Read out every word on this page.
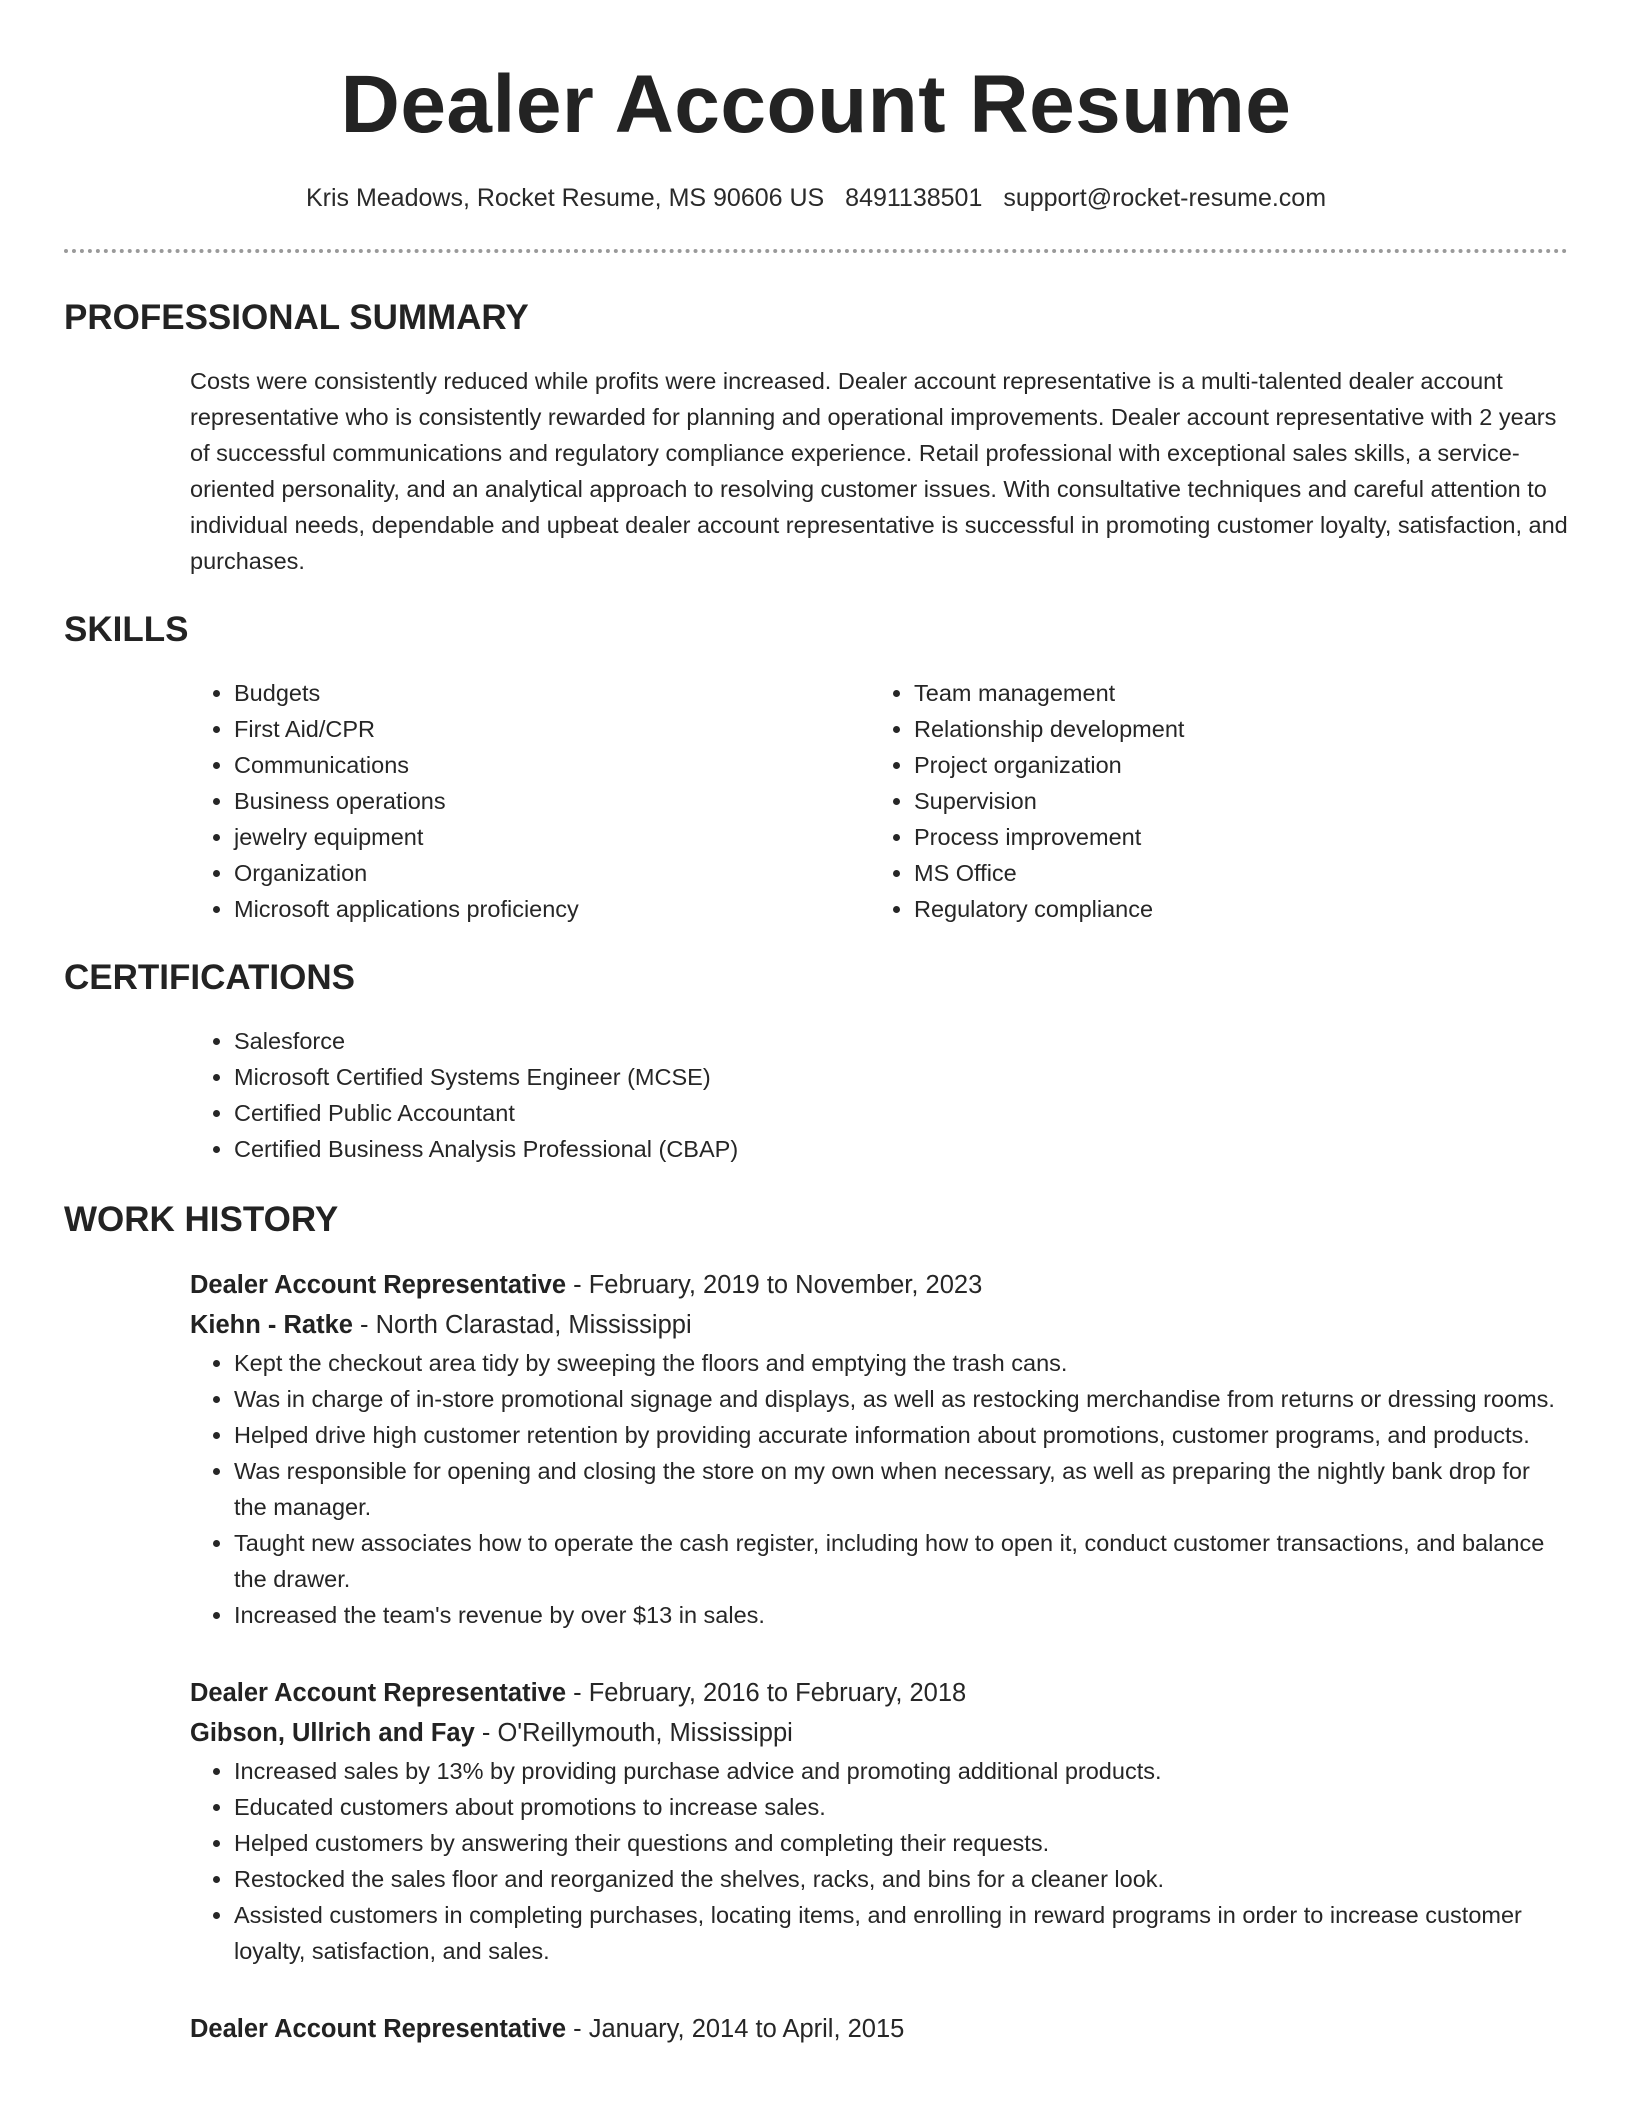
Dealer Account Resume
Kris Meadows, Rocket Resume, MS 90606 US 8491138501 support@rocket-resume.com
PROFESSIONAL SUMMARY

Costs were consistently reduced while profits were increased. Dealer account representative is a multi-talented dealer account representative who is consistently rewarded for planning and operational improvements. Dealer account representative with 2 years of successful communications and regulatory compliance experience. Retail professional with exceptional sales skills, a service-oriented personality, and an analytical approach to resolving customer issues. With consultative techniques and careful attention to individual needs, dependable and upbeat dealer account representative is successful in promoting customer loyalty, satisfaction, and purchases.

SKILLS
• Budgets
• First Aid/CPR
• Communications
• Business operations
• jewelry equipment
• Organization
• Microsoft applications proficiency
• Team management
• Relationship development
• Project organization
• Supervision
• Process improvement
• MS Office
• Regulatory compliance
CERTIFICATIONS
• Salesforce
• Microsoft Certified Systems Engineer (MCSE)
• Certified Public Accountant
• Certified Business Analysis Professional (CBAP)
WORK HISTORY
Dealer Account Representative - February, 2019 to November, 2023
Kiehn - Ratke - North Clarastad, Mississippi
• Kept the checkout area tidy by sweeping the floors and emptying the trash cans.
• Was in charge of in-store promotional signage and displays, as well as restocking merchandise from returns or dressing rooms.
• Helped drive high customer retention by providing accurate information about promotions, customer programs, and products.
• Was responsible for opening and closing the store on my own when necessary, as well as preparing the nightly bank drop for the manager.
• Taught new associates how to operate the cash register, including how to open it, conduct customer transactions, and balance the drawer.
• Increased the team's revenue by over $13 in sales.
Dealer Account Representative - February, 2016 to February, 2018
Gibson, Ullrich and Fay - O'Reillymouth, Mississippi
• Increased sales by 13% by providing purchase advice and promoting additional products.
• Educated customers about promotions to increase sales.
• Helped customers by answering their questions and completing their requests.
• Restocked the sales floor and reorganized the shelves, racks, and bins for a cleaner look.
• Assisted customers in completing purchases, locating items, and enrolling in reward programs in order to increase customer loyalty, satisfaction, and sales.
Dealer Account Representative - January, 2014 to April, 2015
